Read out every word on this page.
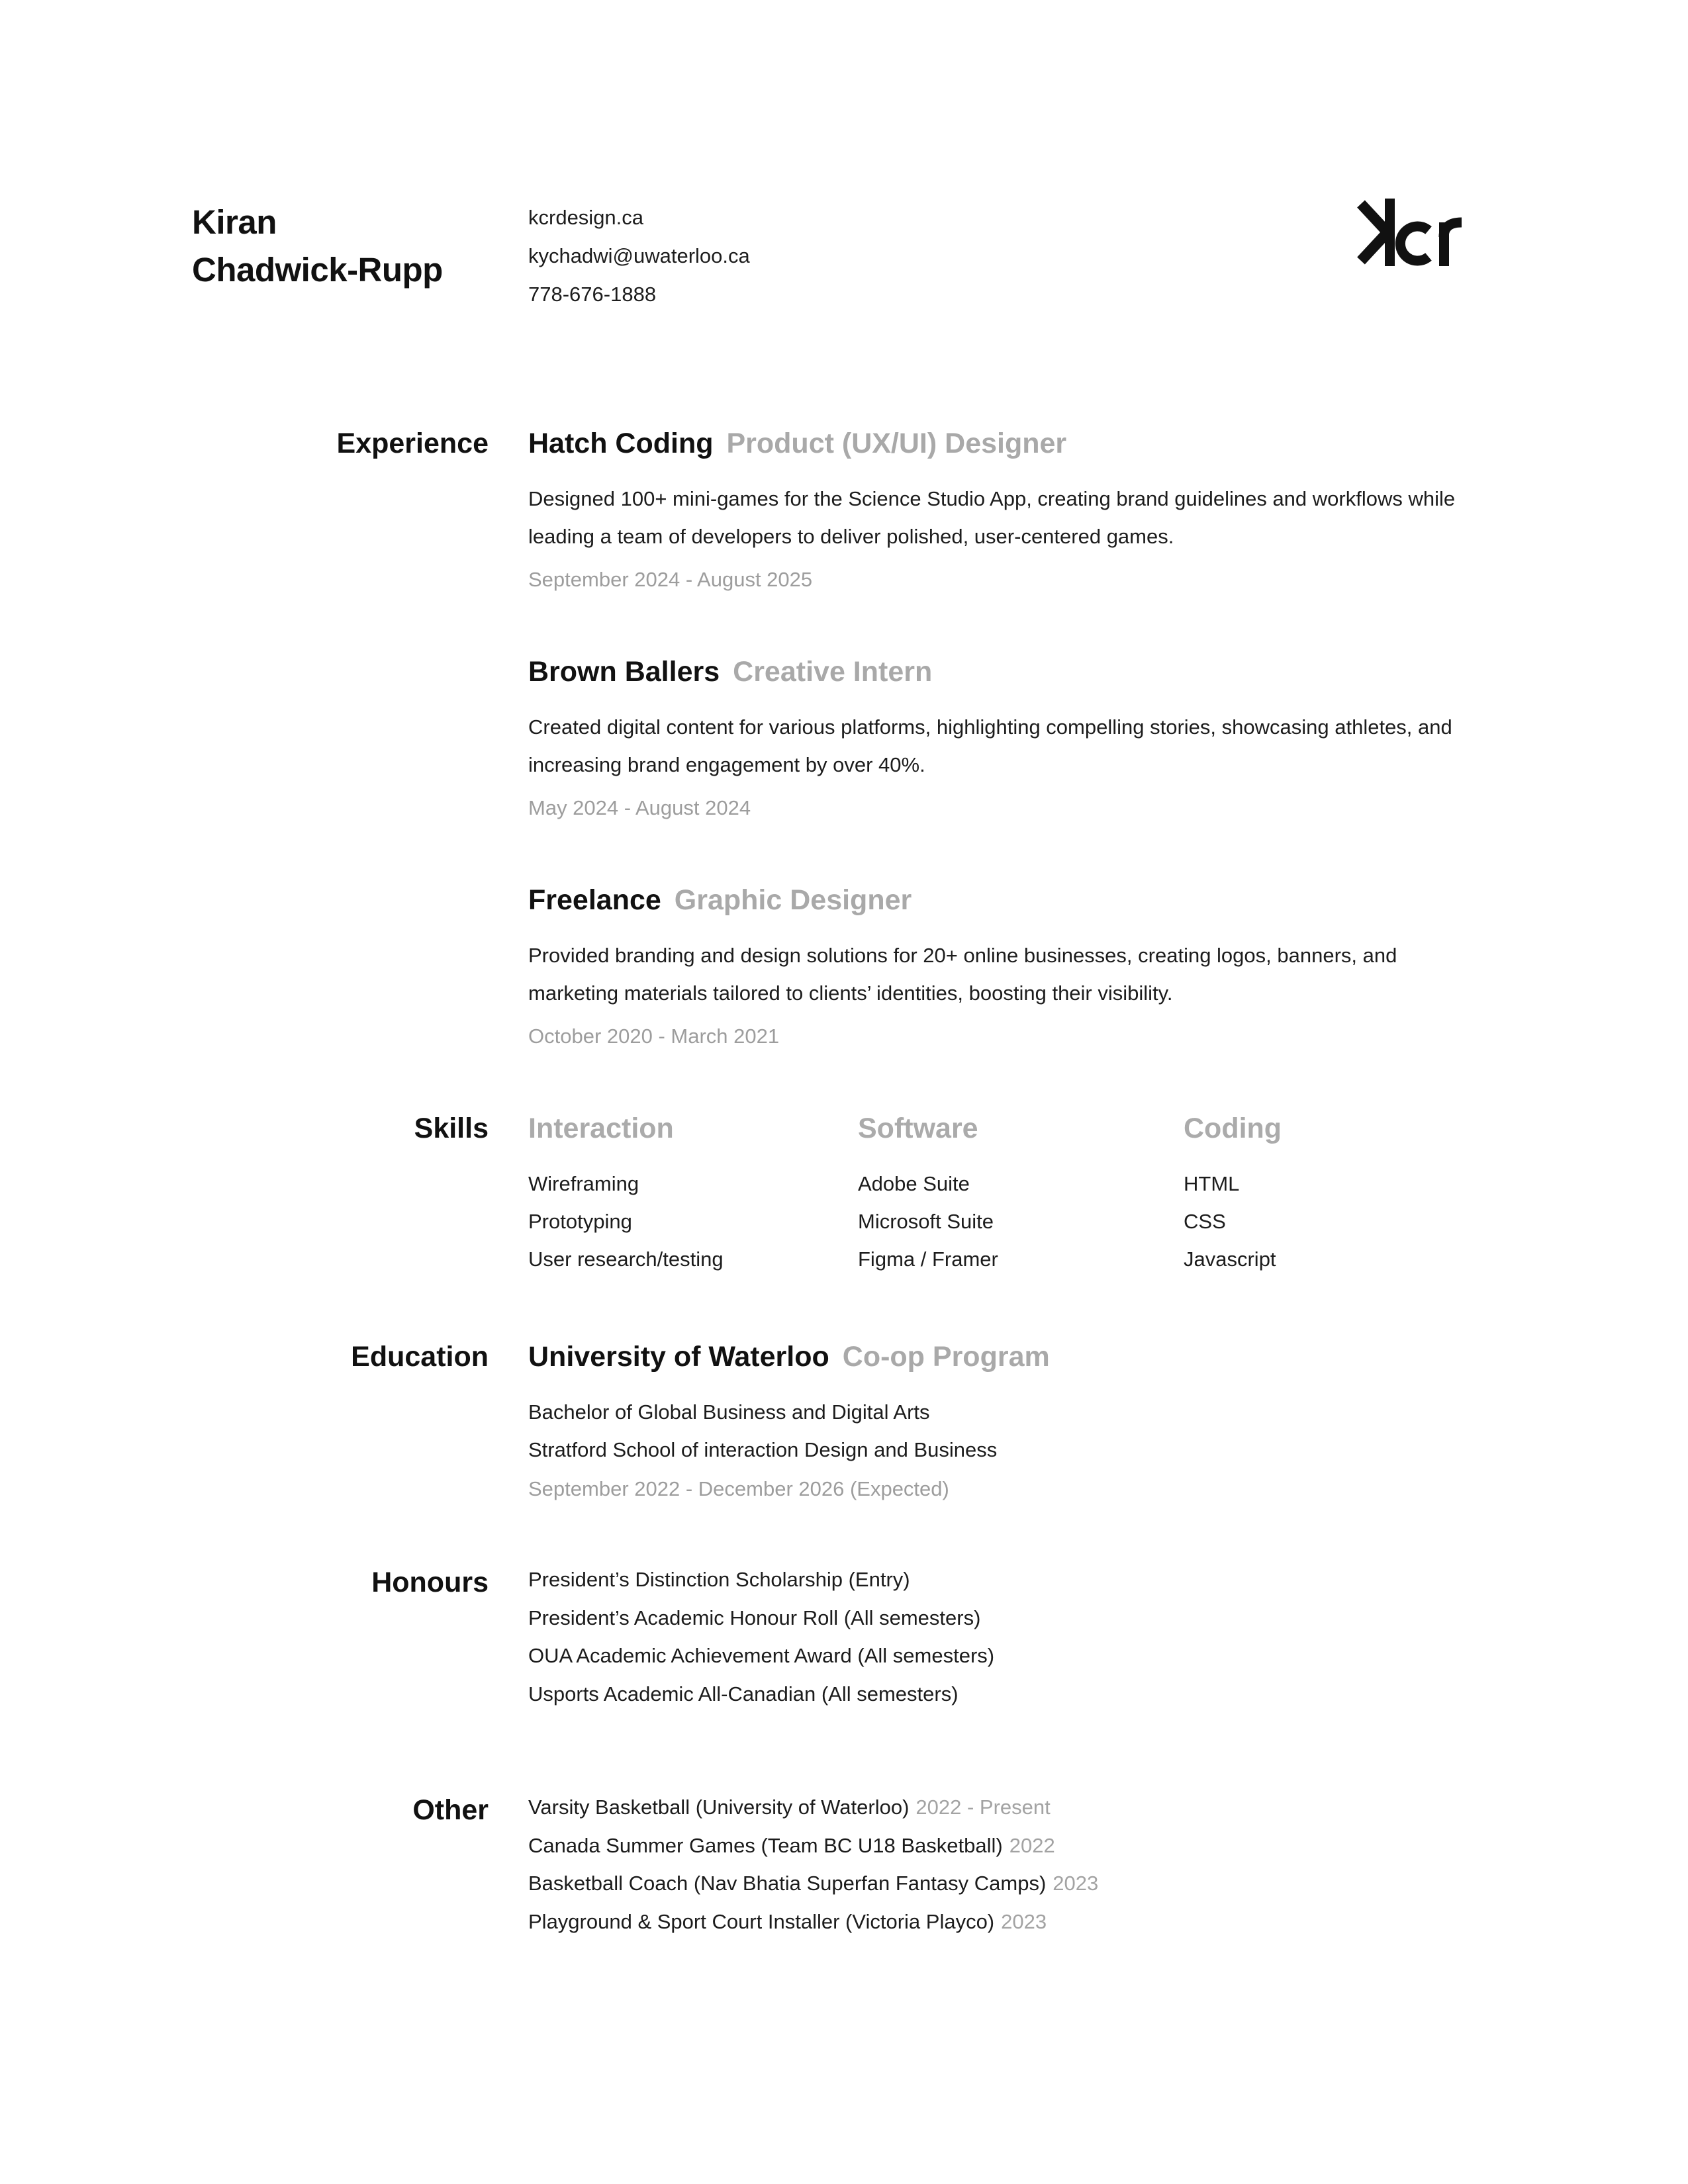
Kiran
Chadwick-Rupp
kcrdesign.ca
kychadwi@uwaterloo.ca
778-676-1888
Experience Hatch Coding Product (UX/UI) Designer
Designed 100+ mini-games for the Science Studio App, creating brand guidelines and workflows while leading a team of developers to deliver polished, user-centered games.
September 2024 - August 2025
Brown Ballers Creative Intern
Created digital content for various platforms, highlighting compelling stories, showcasing athletes, and increasing brand engagement by over 40%.
May 2024 - August 2024
Freelance Graphic Designer
Provided branding and design solutions for 20+ online businesses, creating logos, banners, and marketing materials tailored to clients’ identities, boosting their visibility.
October 2020 - March 2021
Skills Interaction
Wireframing
Prototyping
User research/testing
Software
Adobe Suite
Microsoft Suite
Figma / Framer
Coding
HTML
CSS
Javascript
Education University of Waterloo Co-op Program
Bachelor of Global Business and Digital Arts
Stratford School of interaction Design and Business
September 2022 - December 2026 (Expected)
Honours President’s Distinction Scholarship (Entry)
President’s Academic Honour Roll (All semesters)
OUA Academic Achievement Award (All semesters)
Usports Academic All-Canadian (All semesters)
Other Varsity Basketball (University of Waterloo) 2022 - Present
Canada Summer Games (Team BC U18 Basketball) 2022
Basketball Coach (Nav Bhatia Superfan Fantasy Camps) 2023
Playground & Sport Court Installer (Victoria Playco) 2023
